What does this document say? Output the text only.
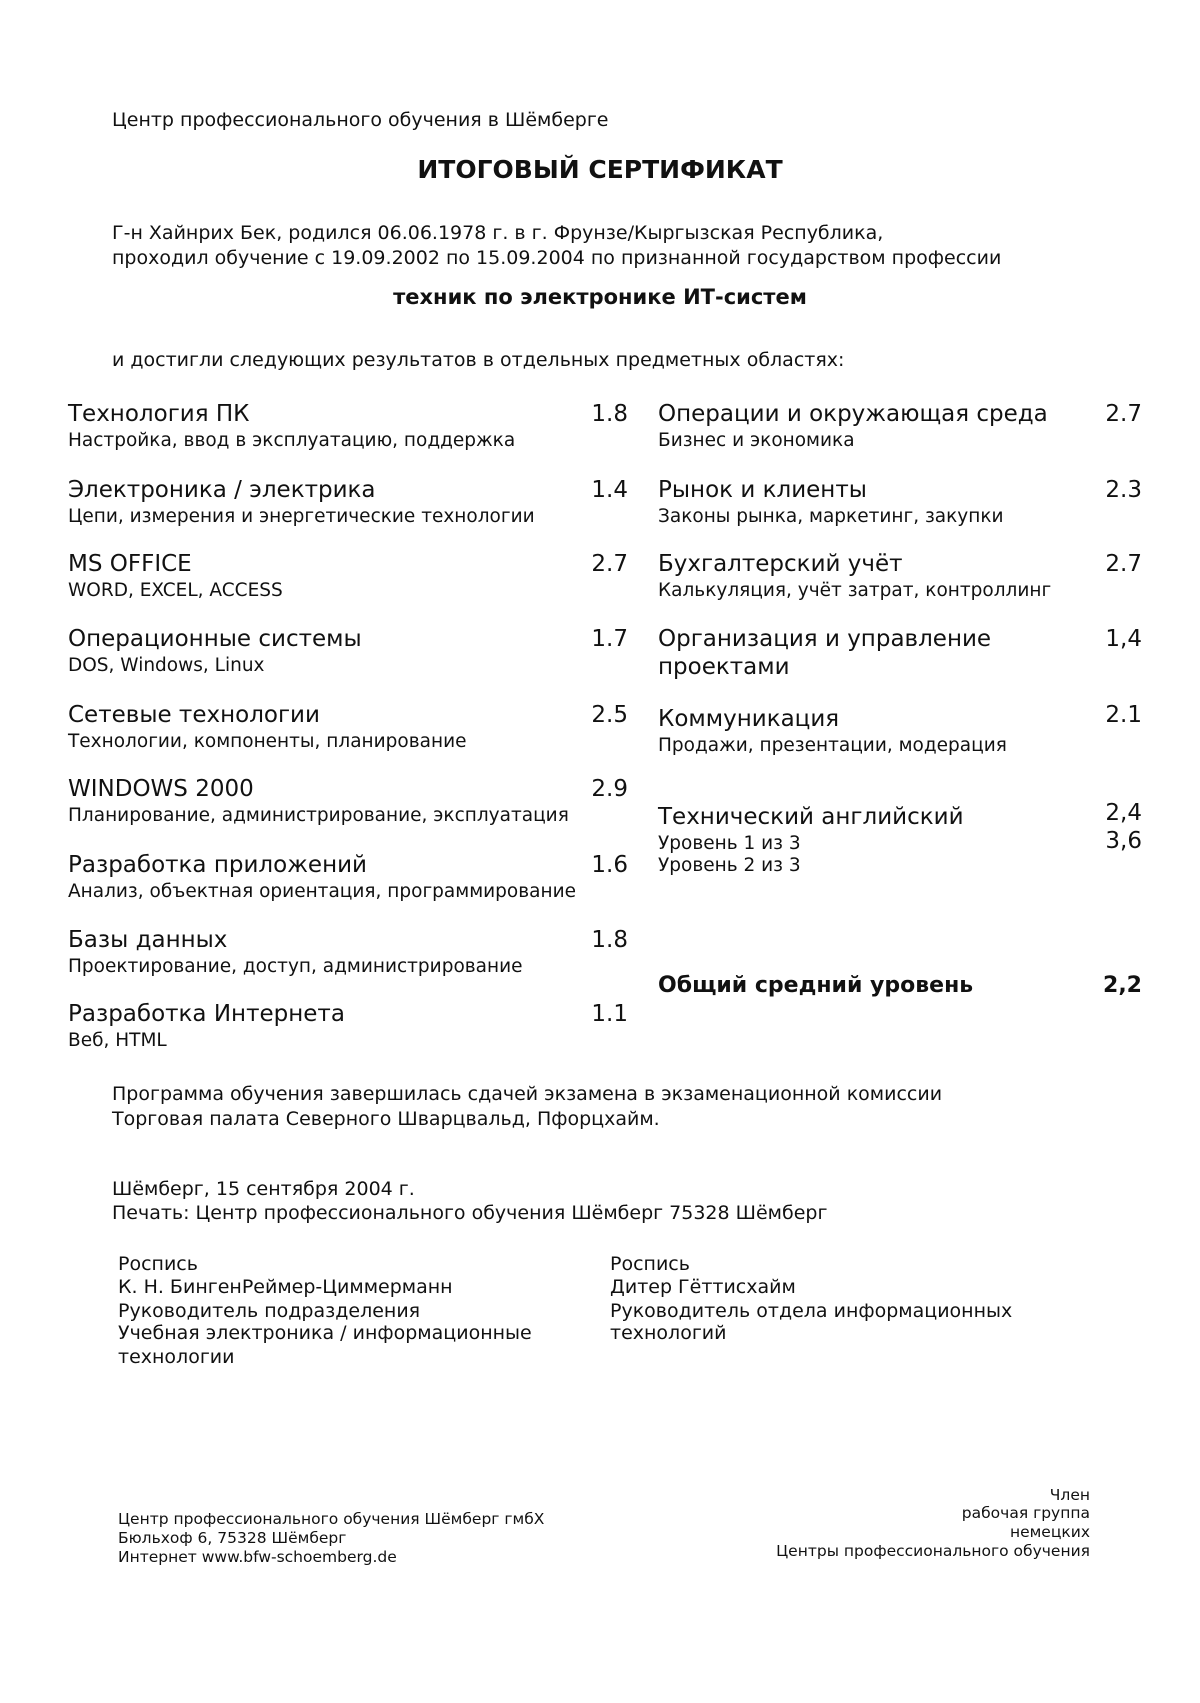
Центр профессионального обучения в Шёмберге

ИТОГОВЫЙ СЕРТИФИКАТ

Г-н Хайнрих Бек, родился 06.06.1978 г. в г. Фрунзе/Кыргызская Республика,

проходил обучение с 19.09.2002 по 15.09.2004 по признанной государством профессии

техник по электронике ИТ-систем

и достигли следующих результатов в отдельных предметных областях:

Технология ПК

Настройка, ввод в эксплуатацию, поддержка

1.8

Электроника / электрика

Цепи, измерения и энергетические технологии

1.4

MS OFFICE

WORD, EXCEL, ACCESS

2.7

Операционные системы

DOS, Windows, Linux

1.7

Сетевые технологии

Технологии, компоненты, планирование

2.5

WINDOWS 2000

Планирование, администрирование, эксплуатация

2.9

Разработка приложений

Анализ, объектная ориентация, программирование

1.6

Базы данных

Проектирование, доступ, администрирование

1.8

Разработка Интернета

Веб, HTML

1.1

Операции и окружающая среда

Бизнес и экономика

2.7

Рынок и клиенты

Законы рынка, маркетинг, закупки

2.3

Бухгалтерский учёт

Калькуляция, учёт затрат, контроллинг

2.7

Организация и управление

проектами

1,4

Коммуникация

Продажи, презентации, модерация

2.1

Технический английский

Уровень 1 из 3

Уровень 2 из 3

2,4

3,6

Общий средний уровень	2,2

Программа обучения завершилась сдачей экзамена в экзаменационной комиссии

Торговая палата Северного Шварцвальд, Пфорцхайм.

Шёмберг, 15 сентября 2004 г.

Печать: Центр профессионального обучения Шёмберг 75328 Шёмберг

Роспись

К. Н. БингенРеймер-Циммерманн

Руководитель подразделения

Учебная электроника / информационные

технологии

Роспись

Дитер Гёттисхайм

Руководитель отдела информационных

технологий

Центр профессионального обучения Шёмберг гмбХ

Бюльхоф 6, 75328 Шёмберг

Интернет www.bfw-schoemberg.de

Член

рабочая группа

немецких

Центры профессионального обучения
